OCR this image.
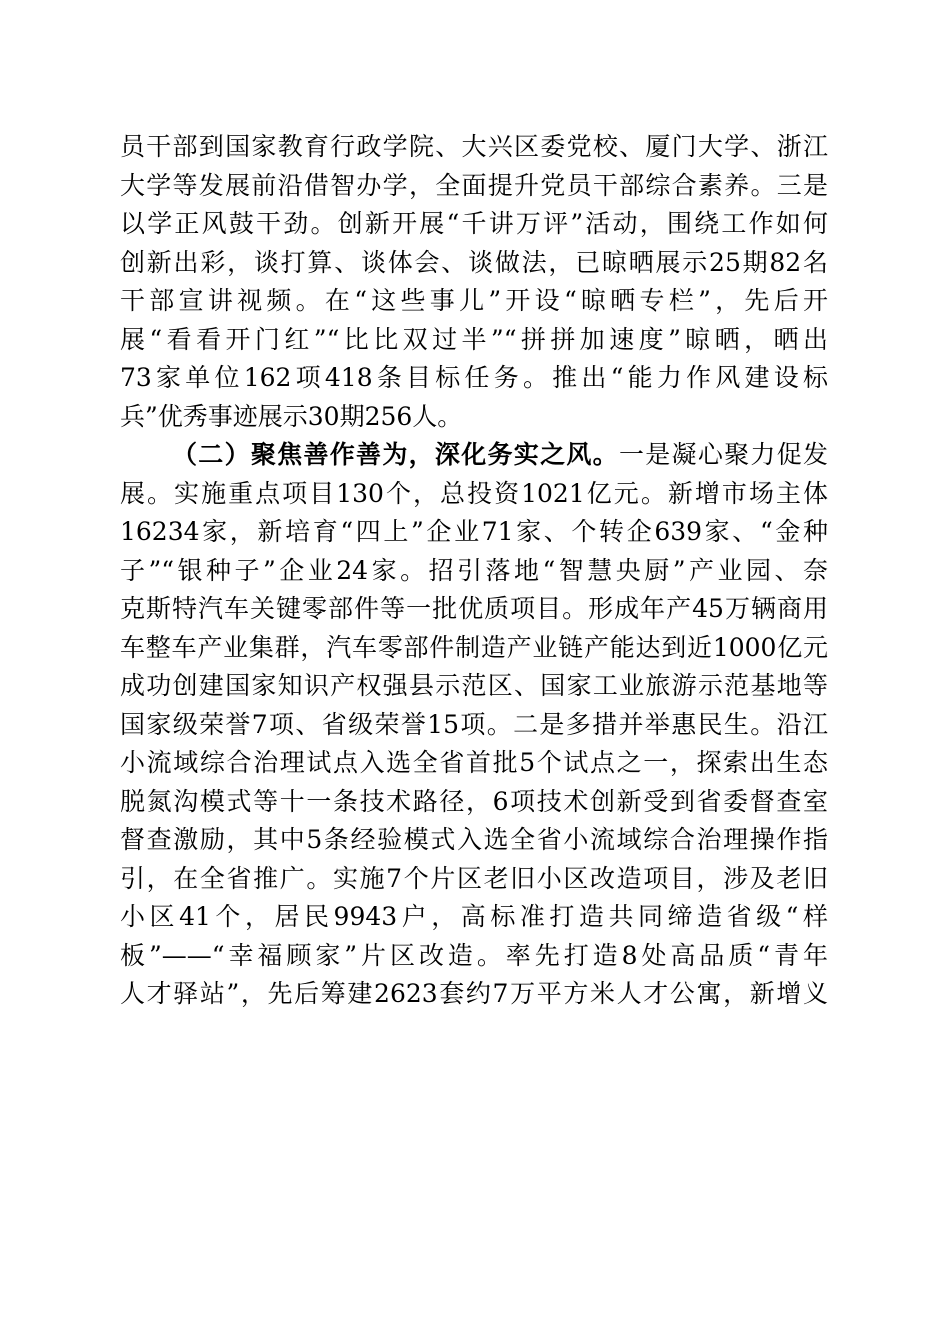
员干部到国家教育行政学院、大兴区委党校、厦门大学、浙江
大学等发展前沿借智办学，全面提升党员干部综合素养。三是
以学正风鼓干劲。创新开展“千讲万评”活动，围绕工作如何
创新出彩，谈打算、谈体会、谈做法，已晾晒展示25期82名
干部宣讲视频。在“这些事儿”开设“晾晒专栏”，先后开
展“看看开门红”“比比双过半”“拼拼加速度”晾晒，晒出
73家单位162项418条目标任务。推出“能力作风建设标
兵”优秀事迹展示30期256人。
（二）聚焦善作善为，深化务实之风。一是凝心聚力促发
展。实施重点项目130个，总投资1021亿元。新增市场主体
16234家，新培育“四上”企业71家、个转企639家、“金种
子”“银种子”企业24家。招引落地“智慧央厨”产业园、奈
克斯特汽车关键零部件等一批优质项目。形成年产45万辆商用
车整车产业集群，汽车零部件制造产业链产能达到近1000亿元
成功创建国家知识产权强县示范区、国家工业旅游示范基地等
国家级荣誉7项、省级荣誉15项。二是多措并举惠民生。沿江
小流域综合治理试点入选全省首批5个试点之一，探索出生态
脱氮沟模式等十一条技术路径，6项技术创新受到省委督查室
督查激励，其中5条经验模式入选全省小流域综合治理操作指
引，在全省推广。实施7个片区老旧小区改造项目，涉及老旧
小区41个，居民9943户，高标准打造共同缔造省级“样
板”——“幸福顾家”片区改造。率先打造8处高品质“青年
人才驿站”，先后筹建2623套约7万平方米人才公寓，新增义
